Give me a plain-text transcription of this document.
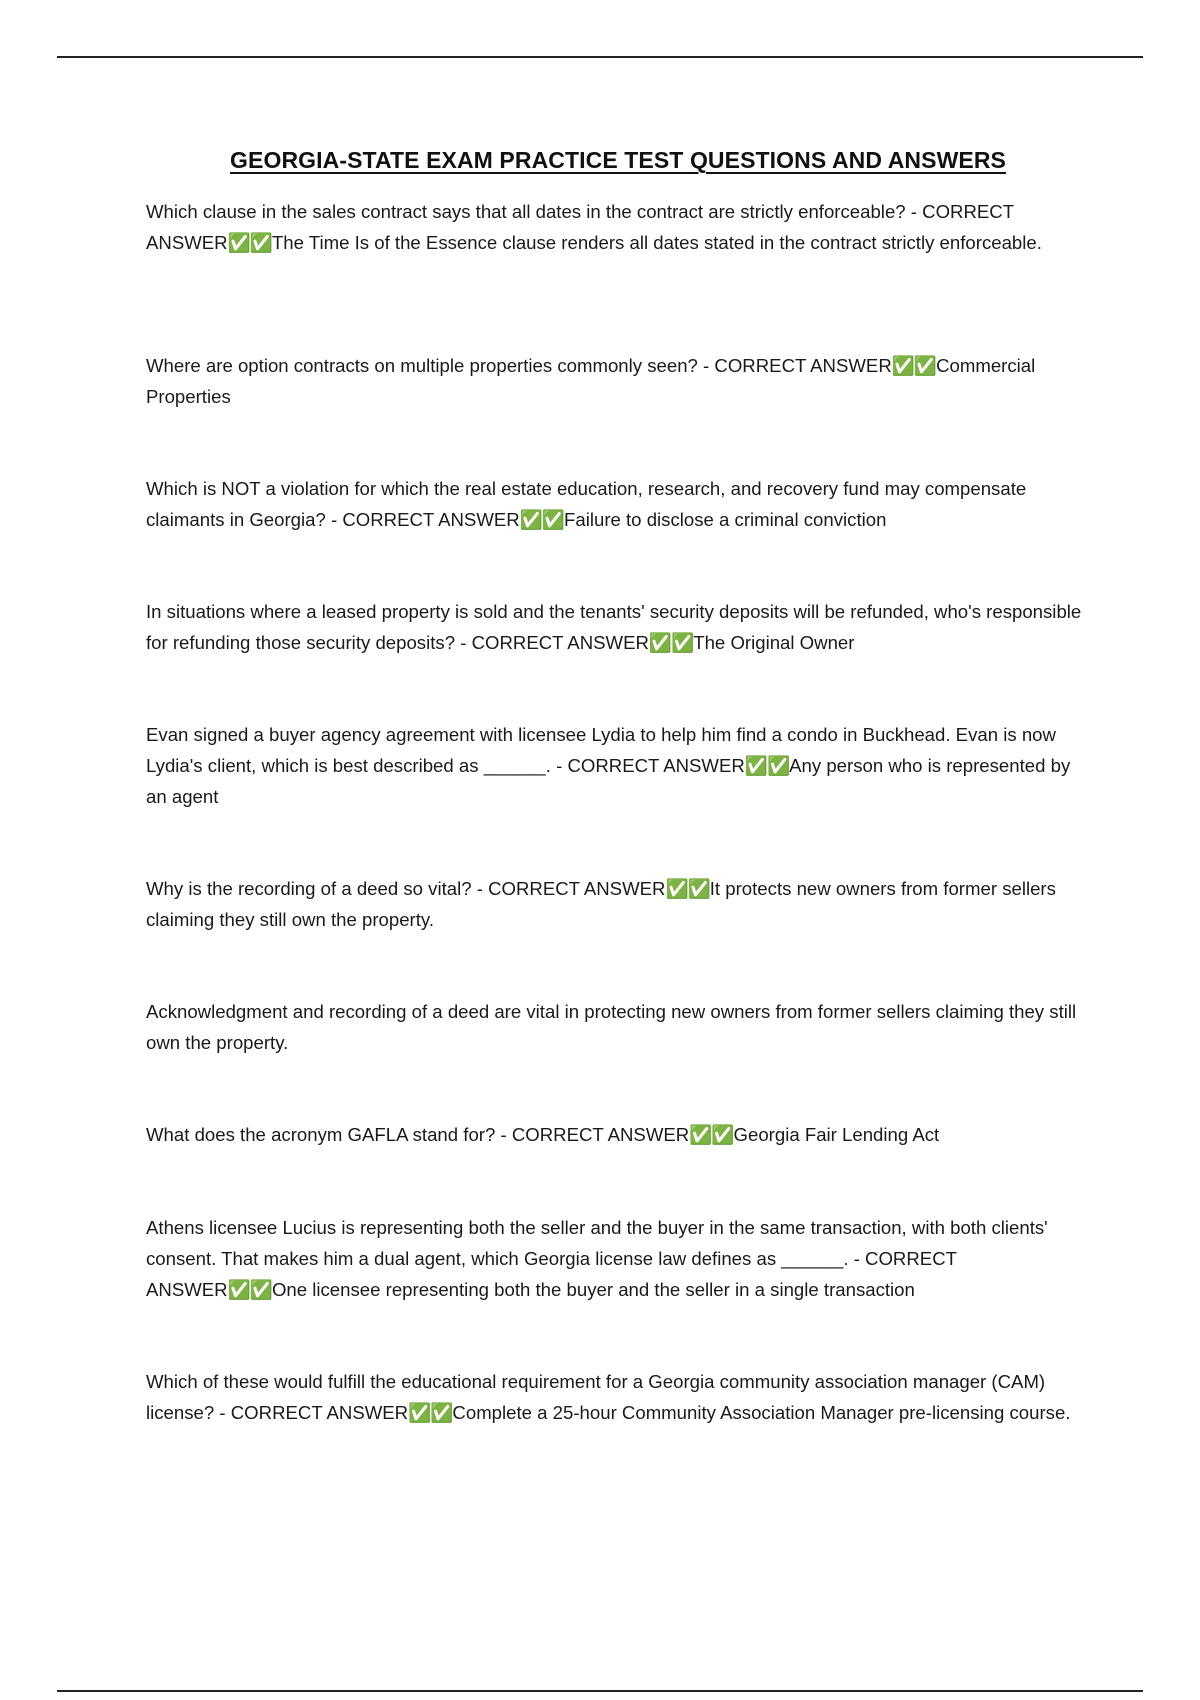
GEORGIA-STATE EXAM PRACTICE TEST QUESTIONS AND ANSWERS

Which clause in the sales contract says that all dates in the contract are strictly enforceable? - CORRECT ANSWER✅✅The Time Is of the Essence clause renders all dates stated in the contract strictly enforceable.

Where are option contracts on multiple properties commonly seen? - CORRECT ANSWER✅✅Commercial Properties

Which is NOT a violation for which the real estate education, research, and recovery fund may compensate claimants in Georgia? - CORRECT ANSWER✅✅Failure to disclose a criminal conviction

In situations where a leased property is sold and the tenants' security deposits will be refunded, who's responsible for refunding those security deposits? - CORRECT ANSWER✅✅The Original Owner

Evan signed a buyer agency agreement with licensee Lydia to help him find a condo in Buckhead. Evan is now Lydia's client, which is best described as ______. - CORRECT ANSWER✅✅Any person who is represented by an agent

Why is the recording of a deed so vital? - CORRECT ANSWER✅✅It protects new owners from former sellers claiming they still own the property.

Acknowledgment and recording of a deed are vital in protecting new owners from former sellers claiming they still own the property.

What does the acronym GAFLA stand for? - CORRECT ANSWER✅✅Georgia Fair Lending Act

Athens licensee Lucius is representing both the seller and the buyer in the same transaction, with both clients' consent. That makes him a dual agent, which Georgia license law defines as ______. - CORRECT ANSWER✅✅One licensee representing both the buyer and the seller in a single transaction

Which of these would fulfill the educational requirement for a Georgia community association manager (CAM) license? - CORRECT ANSWER✅✅Complete a 25-hour Community Association Manager pre-licensing course.
